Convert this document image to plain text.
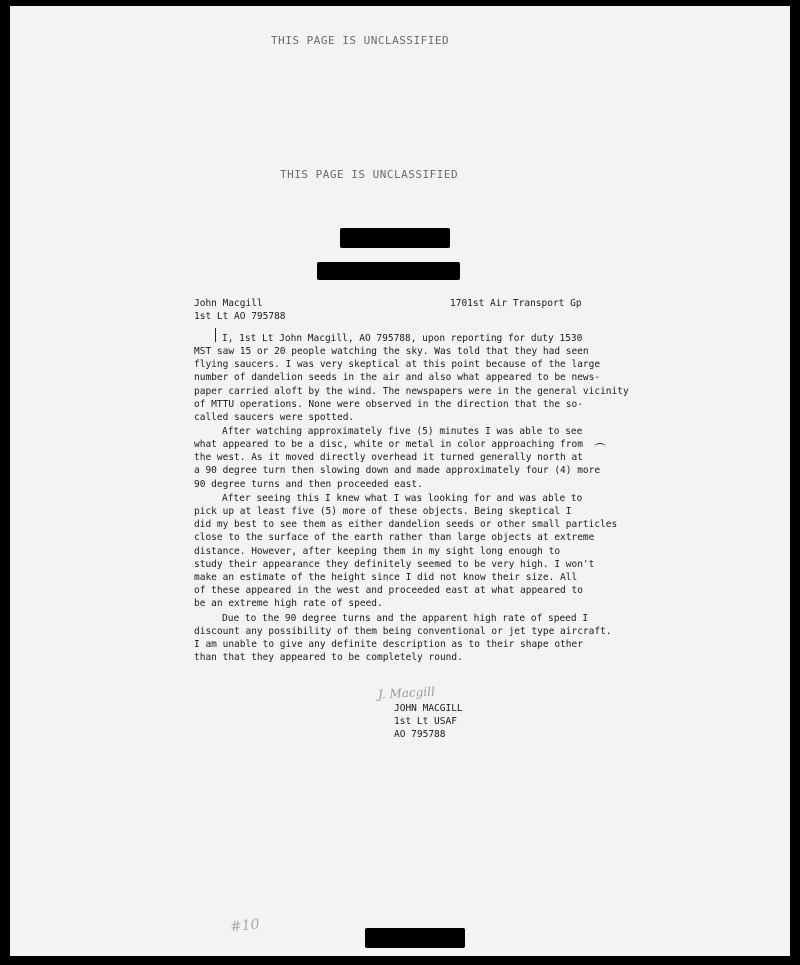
THIS PAGE IS UNCLASSIFIED
THIS PAGE IS UNCLASSIFIED
John Macgill
1st Lt AO 795788
1701st Air Transport Gp

I, 1st Lt John Macgill, AO 795788, upon reporting for duty 1530

MST saw 15 or 20 people watching the sky. Was told that they had seen

flying saucers. I was very skeptical at this point because of the large

number of dandelion seeds in the air and also what appeared to be news-

paper carried aloft by the wind. The newspapers were in the general vicinity

of MTTU operations. None were observed in the direction that the so-

called saucers were spotted.

After watching approximately five (5) minutes I was able to see

what appeared to be a disc, white or metal in color approaching from

the west. As it moved directly overhead it turned generally north at

a 90 degree turn then slowing down and made approximately four (4) more

90 degree turns and then proceeded east.

After seeing this I knew what I was looking for and was able to

pick up at least five (5) more of these objects. Being skeptical I

did my best to see them as either dandelion seeds or other small particles

close to the surface of the earth rather than large objects at extreme

distance. However, after keeping them in my sight long enough to

study their appearance they definitely seemed to be very high. I won't

make an estimate of the height since I did not know their size. All

of these appeared in the west and proceeded east at what appeared to

be an extreme high rate of speed.

Due to the 90 degree turns and the apparent high rate of speed I

discount any possibility of them being conventional or jet type aircraft.

I am unable to give any definite description as to their shape other

than that they appeared to be completely round.

J. Macgill
JOHN MACGILL
1st Lt USAF
AO 795788
#10
